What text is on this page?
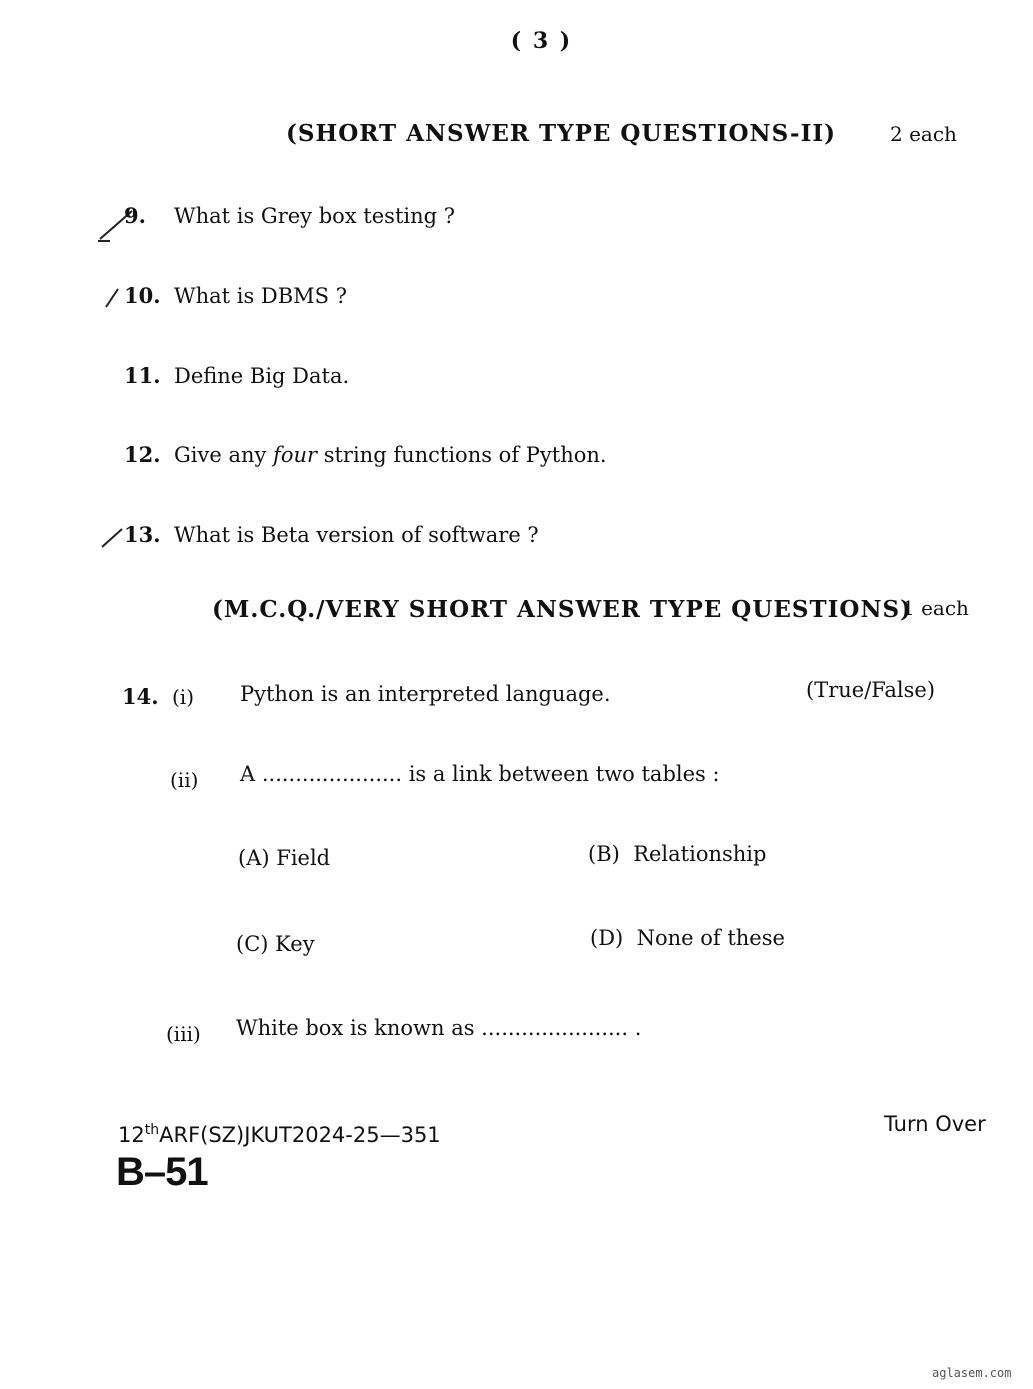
( 3 )
(SHORT ANSWER TYPE QUESTIONS-II)	2 each
9. What is Grey box testing ?
10. What is DBMS ?
11. Define Big Data.
12. Give any four string functions of Python.
13. What is Beta version of software ?
(M.C.Q./VERY SHORT ANSWER TYPE QUESTIONS)
1 each
14. (i) Python is an interpreted language.	(True/False)
(ii) A ..................... is a link between two tables :
(A) Field	(B) Relationship
(C) Key	(D) None of these
(iii) White box is known as ...................... .
12thARF(SZ)JKUT2024-25—351
B–51
Turn Over
aglasem.com
